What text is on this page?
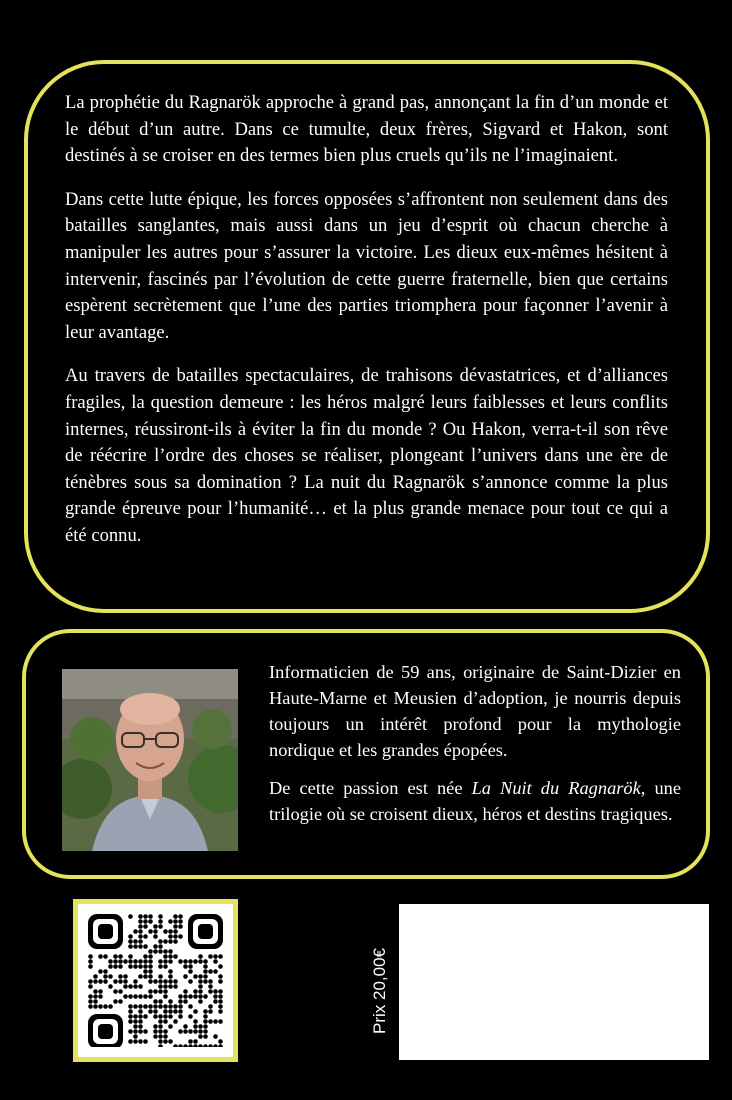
La prophétie du Ragnarök approche à grand pas, annonçant la fin d’un monde et le début d’un autre. Dans ce tumulte, deux frères, Sigvard et Hakon, sont destinés à se croiser en des termes bien plus cruels qu’ils ne l’imaginaient.

Dans cette lutte épique, les forces opposées s’affrontent non seulement dans des batailles sanglantes, mais aussi dans un jeu d’esprit où chacun cherche à manipuler les autres pour s’assurer la victoire. Les dieux eux-mêmes hésitent à intervenir, fascinés par l’évolution de cette guerre fraternelle, bien que certains espèrent secrètement que l’une des parties triomphera pour façonner l’avenir à leur avantage.

Au travers de batailles spectaculaires, de trahisons dévastatrices, et d’alliances fragiles, la question demeure : les héros malgré leurs faiblesses et leurs conflits internes, réussiront-ils à éviter la fin du monde ? Ou Hakon, verra-t-il son rêve de réécrire l’ordre des choses se réaliser, plongeant l’univers dans une ère de ténèbres sous sa domination ? La nuit du Ragnarök s’annonce comme la plus grande épreuve pour l’humanité… et la plus grande menace pour tout ce qui a été connu.

Informaticien de 59 ans, originaire de Saint-Dizier en Haute-Marne et Meusien d’adoption, je nourris depuis toujours un intérêt profond pour la mythologie nordique et les grandes épopées.

De cette passion est née La Nuit du Ragnarök, une trilogie où se croisent dieux, héros et destins tragiques.

Prix 20,00€
